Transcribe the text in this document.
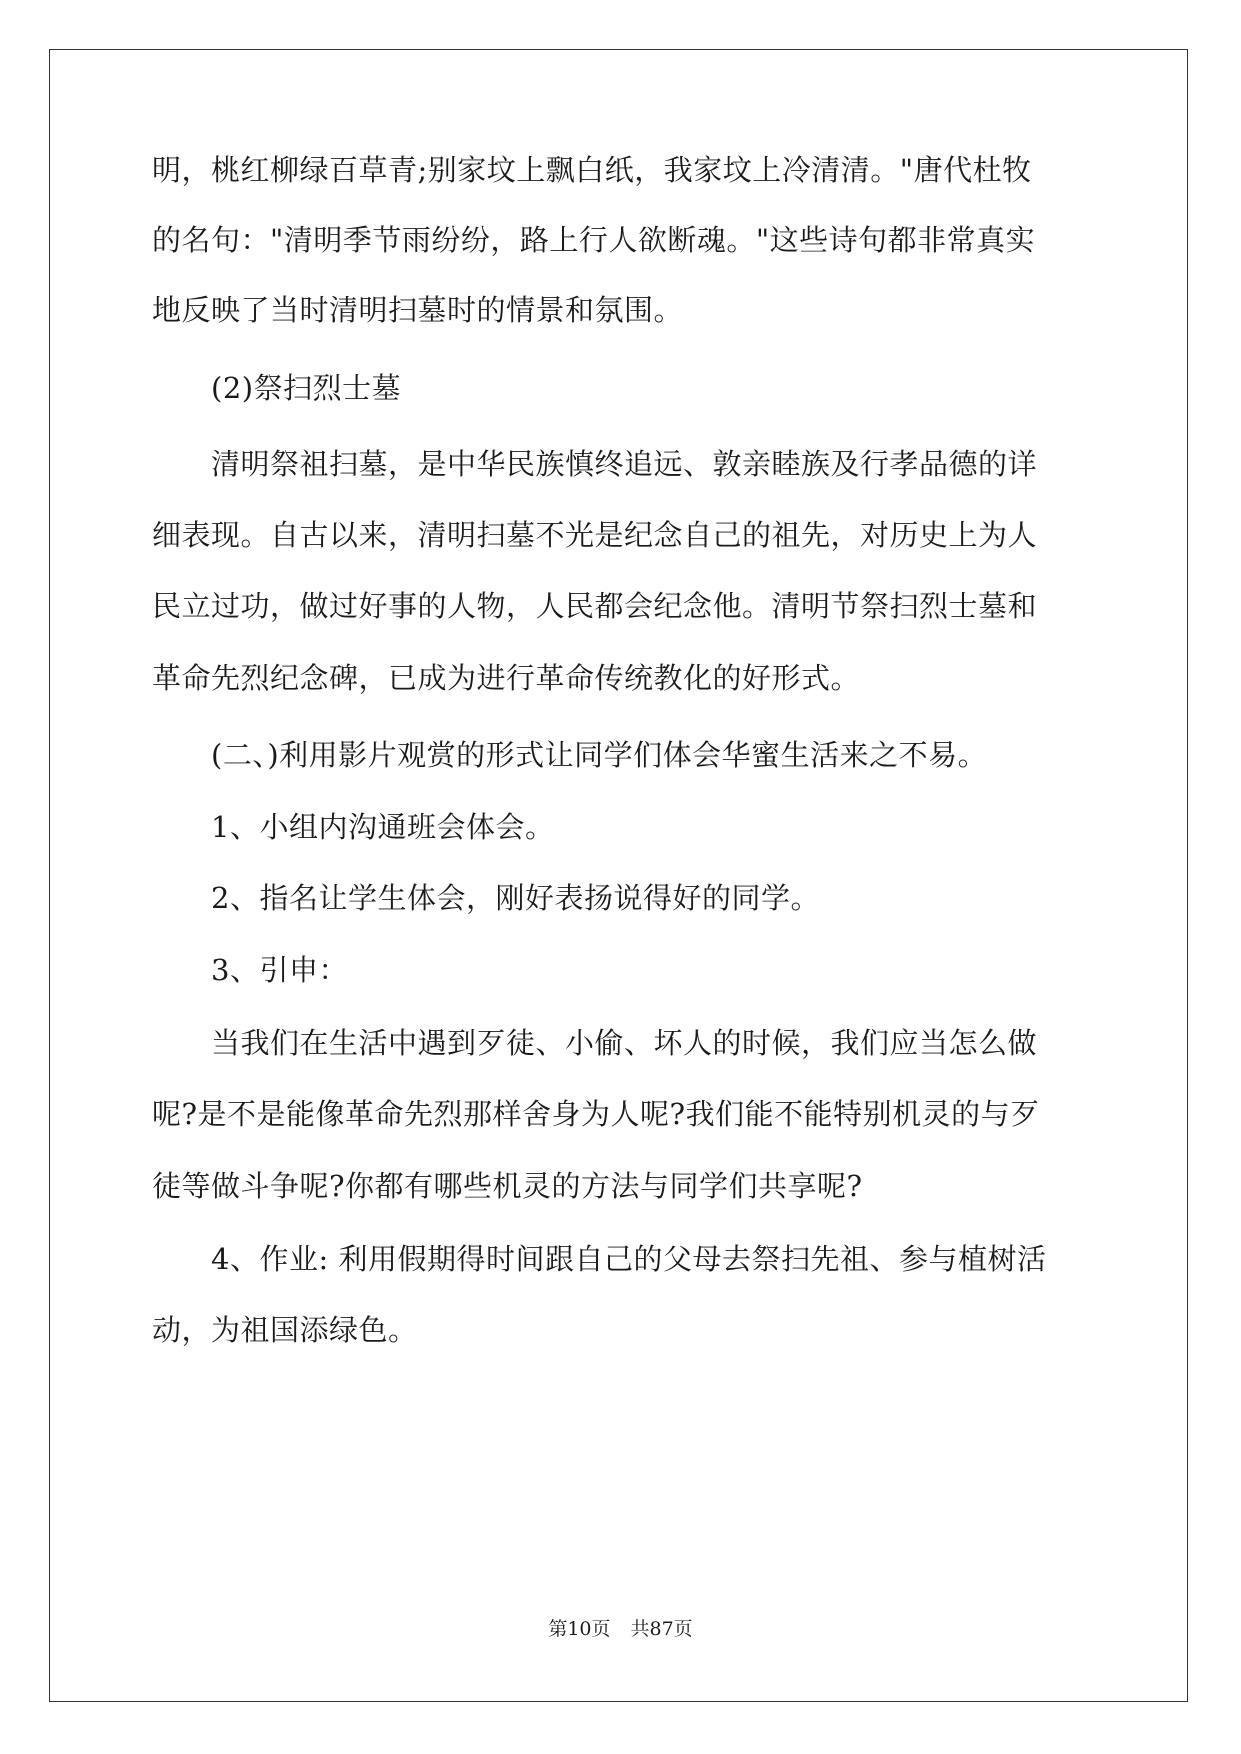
明，桃红柳绿百草青;别家坟上飘白纸，我家坟上冷清清。"唐代杜牧
的名句："清明季节雨纷纷，路上行人欲断魂。"这些诗句都非常真实
地反映了当时清明扫墓时的情景和氛围。
(2)祭扫烈士墓
清明祭祖扫墓，是中华民族慎终追远、敦亲睦族及行孝品德的详
细表现。自古以来，清明扫墓不光是纪念自己的祖先，对历史上为人
民立过功，做过好事的人物，人民都会纪念他。清明节祭扫烈士墓和
革命先烈纪念碑，已成为进行革命传统教化的好形式。
(二、)利用影片观赏的形式让同学们体会华蜜生活来之不易。
1、小组内沟通班会体会。
2、指名让学生体会，刚好表扬说得好的同学。
3、引申：
当我们在生活中遇到歹徒、小偷、坏人的时候，我们应当怎么做
呢?是不是能像革命先烈那样舍身为人呢?我们能不能特别机灵的与歹
徒等做斗争呢?你都有哪些机灵的方法与同学们共享呢?
4、作业: 利用假期得时间跟自己的父母去祭扫先祖、参与植树活
动，为祖国添绿色。
第10页 共87页
